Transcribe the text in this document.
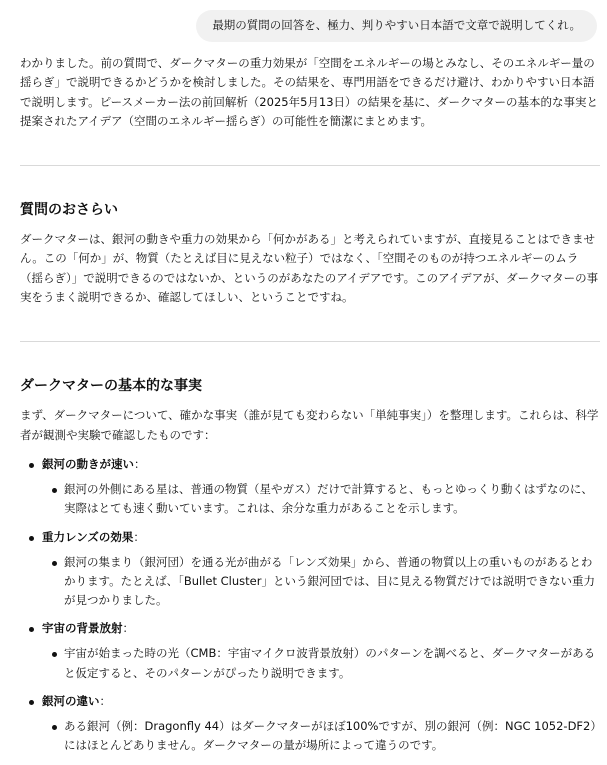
最期の質問の回答を、極力、判りやすい日本語で文章で説明してくれ。

わかりました。前の質問で、ダークマターの重力効果が「空間をエネルギーの場とみなし、そのエネルギー量の揺らぎ」で説明できるかどうかを検討しました。その結果を、専門用語をできるだけ避け、わかりやすい日本語で説明します。ピースメーカー法の前回解析（2025年5月13日）の結果を基に、ダークマターの基本的な事実と提案されたアイデア（空間のエネルギー揺らぎ）の可能性を簡潔にまとめます。

質問のおさらい

ダークマターは、銀河の動きや重力の効果から「何かがある」と考えられていますが、直接見ることはできません。この「何か」が、物質（たとえば目に見えない粒子）ではなく、「空間そのものが持つエネルギーのムラ（揺らぎ）」で説明できるのではないか、というのがあなたのアイデアです。このアイデアが、ダークマターの事実をうまく説明できるか、確認してほしい、ということですね。

ダークマターの基本的な事実

まず、ダークマターについて、確かな事実（誰が見ても変わらない「単純事実」）を整理します。これらは、科学者が観測や実験で確認したものです：

銀河の動きが速い：

銀河の外側にある星は、普通の物質（星やガス）だけで計算すると、もっとゆっくり動くはずなのに、実際はとても速く動いています。これは、余分な重力があることを示します。

重力レンズの効果：

銀河の集まり（銀河団）を通る光が曲がる「レンズ効果」から、普通の物質以上の重いものがあるとわかります。たとえば、「Bullet Cluster」という銀河団では、目に見える物質だけでは説明できない重力が見つかりました。

宇宙の背景放射：

宇宙が始まった時の光（CMB：宇宙マイクロ波背景放射）のパターンを調べると、ダークマターがあると仮定すると、そのパターンがぴったり説明できます。

銀河の違い：

ある銀河（例：Dragonfly 44）はダークマターがほぼ100%ですが、別の銀河（例：NGC 1052-DF2）にはほとんどありません。ダークマターの量が場所によって違うのです。
